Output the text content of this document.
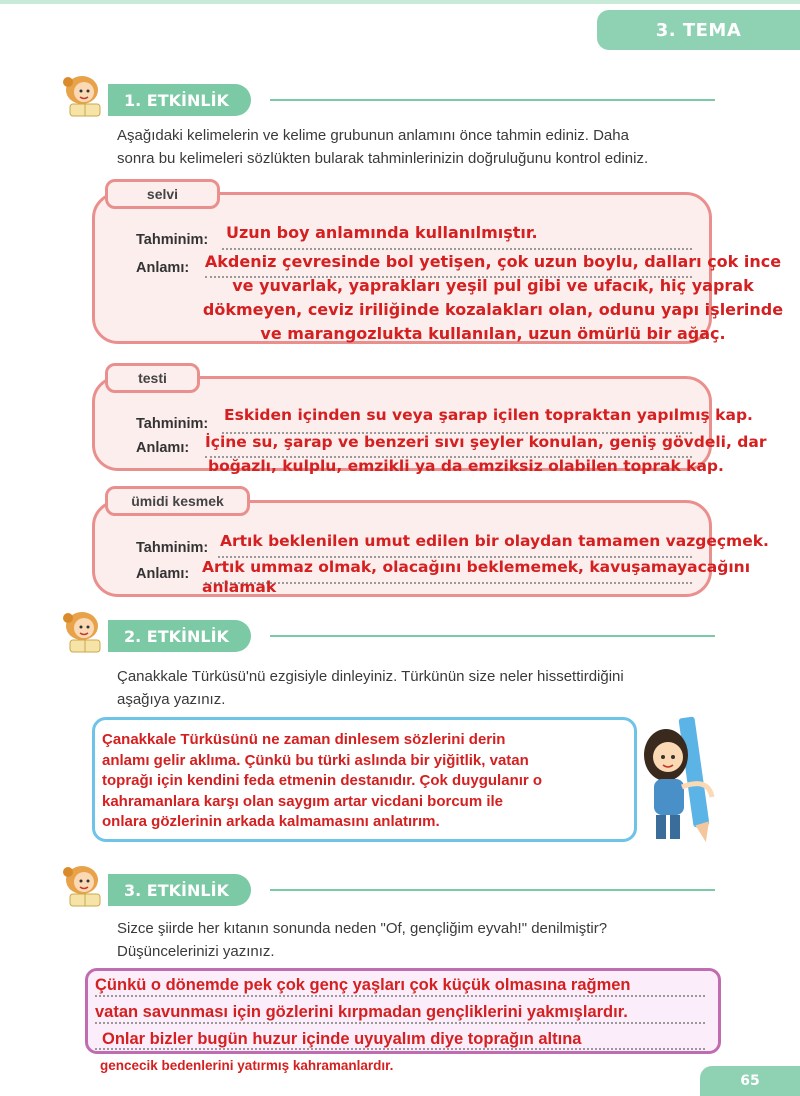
3. TEMA
1. ETKİNLİK
Aşağıdaki kelimelerin ve kelime grubunun anlamını önce tahmin ediniz. Daha
sonra bu kelimeleri sözlükten bularak tahminlerinizin doğruluğunu kontrol ediniz.
selvi
Tahminim: Uzun boy anlamında kullanılmıştır.
Anlamı: Akdeniz çevresinde bol yetişen, çok uzun boylu, dalları çok ince
ve yuvarlak, yaprakları yeşil pul gibi ve ufacık, hiç yaprak
dökmeyen, ceviz iriliğinde kozalakları olan, odunu yapı işlerinde
ve marangozlukta kullanılan, uzun ömürlü bir ağaç.
testi
Tahminim: Eskiden içinden su veya şarap içilen topraktan yapılmış kap.
Anlamı: İçine su, şarap ve benzeri sıvı şeyler konulan, geniş gövdeli, dar
boğazlı, kulplu, emzikli ya da emziksiz olabilen toprak kap.
ümidi kesmek
Tahminim: Artık beklenilen umut edilen bir olaydan tamamen vazgeçmek.
Anlamı: Artık ummaz olmak, olacağını beklememek, kavuşamayacağını
anlamak
2. ETKİNLİK
Çanakkale Türküsü'nü ezgisiyle dinleyiniz. Türkünün size neler hissettirdiğini
aşağıya yazınız.
Çanakkale Türküsünü ne zaman dinlesem sözlerini derin
anlamı gelir aklıma. Çünkü bu türki aslında bir yiğitlik, vatan
toprağı için kendini feda etmenin destanıdır. Çok duygulanır o
kahramanlara karşı olan saygım artar vicdani borcum ile
onlara gözlerinin arkada kalmamasını anlatırım.
3. ETKİNLİK
Sizce şiirde her kıtanın sonunda neden "Of, gençliğim eyvah!" denilmiştir?
Düşüncelerinizi yazınız.
Çünkü o dönemde pek çok genç yaşları çok küçük olmasına rağmen
vatan savunması için gözlerini kırpmadan gençliklerini yakmışlardır.
Onlar bizler bugün huzur içinde uyuyalım diye toprağın altına
gencecik bedenlerini yatırmış kahramanlardır.
65
